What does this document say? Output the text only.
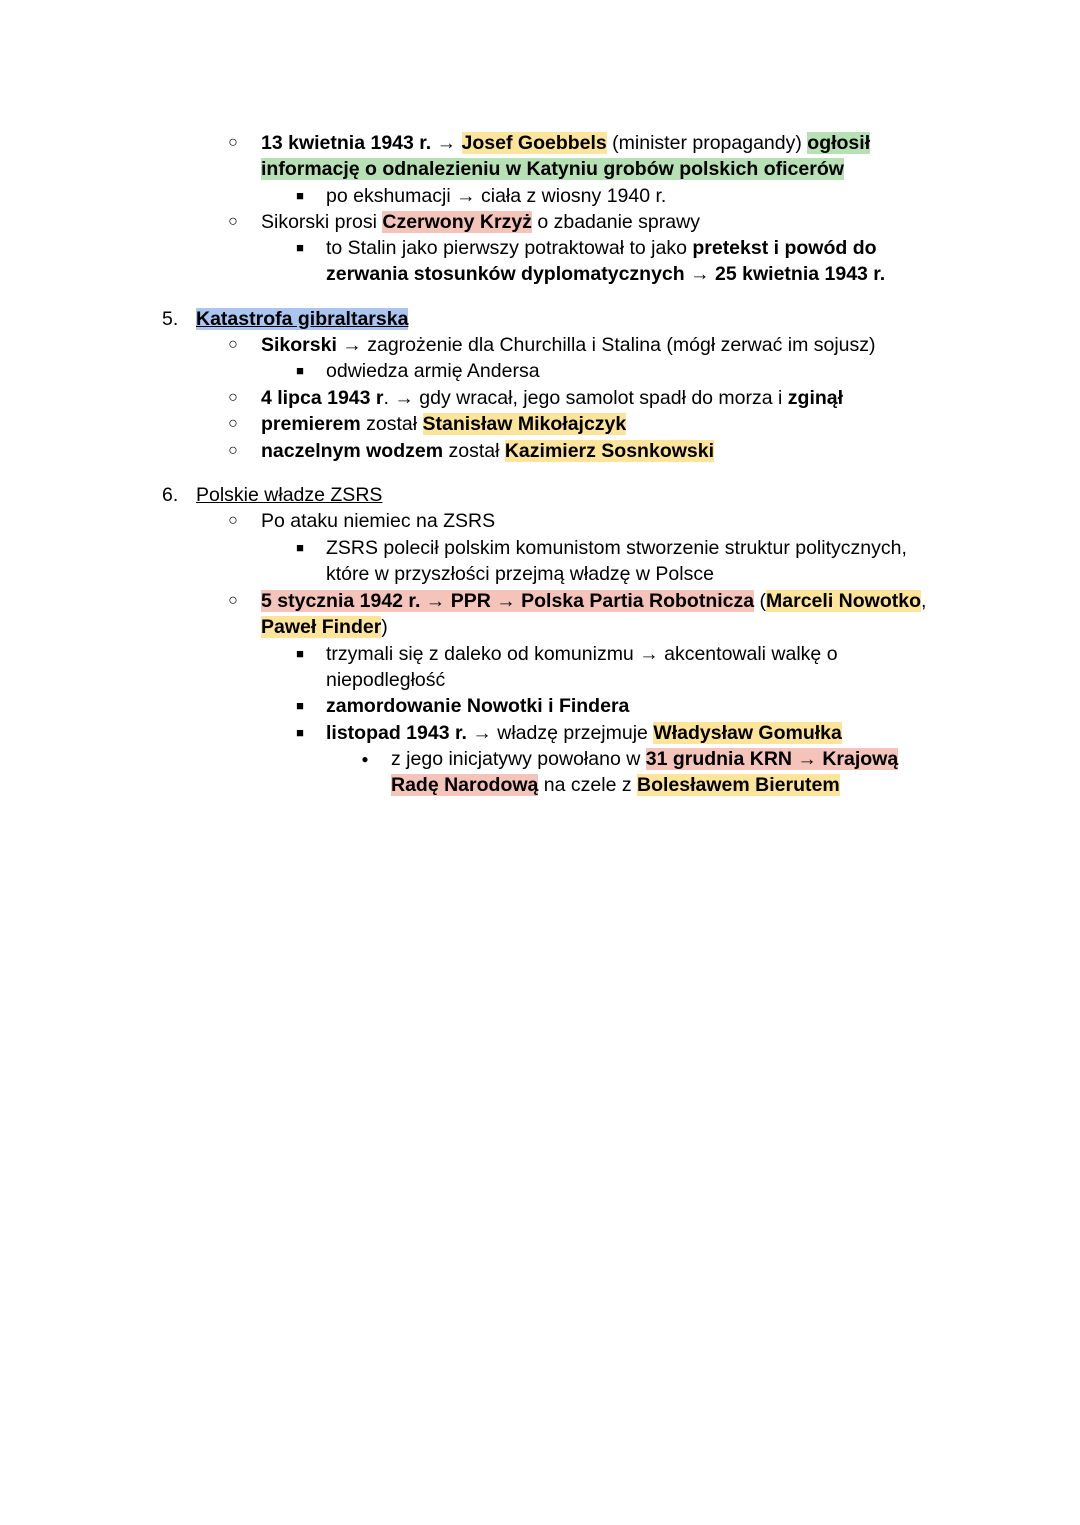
○ 13 kwietnia 1943 r. → Josef Goebbels (minister propagandy) ogłosił
informację o odnalezieniu w Katyniu grobów polskich oficerów
■	po ekshumacji → ciała z wiosny 1940 r.
○ Sikorski prosi Czerwony Krzyż o zbadanie sprawy
■	to Stalin jako pierwszy potraktował to jako pretekst i powód do
zerwania stosunków dyplomatycznych → 25 kwietnia 1943 r.
5. Katastrofa gibraltarska
○ Sikorski → zagrożenie dla Churchilla i Stalina (mógł zerwać im sojusz)
■	odwiedza armię Andersa
○ 4 lipca 1943 r. → gdy wracał, jego samolot spadł do morza i zginął
○ premierem został Stanisław Mikołajczyk
○ naczelnym wodzem został Kazimierz Sosnkowski
6. Polskie władze ZSRS
○ Po ataku niemiec na ZSRS
■	ZSRS polecił polskim komunistom stworzenie struktur politycznych,
które w przyszłości przejmą władzę w Polsce
○ 5 stycznia 1942 r. → PPR → Polska Partia Robotnicza (Marceli Nowotko,
Paweł Finder)
■	trzymali się z daleko od komunizmu → akcentowali walkę o
niepodległość
■	zamordowanie Nowotki i Findera
■	listopad 1943 r. → władzę przejmuje Władysław Gomułka
●	z jego inicjatywy powołano w 31 grudnia KRN → Krajową
Radę Narodową na czele z Bolesławem Bierutem
